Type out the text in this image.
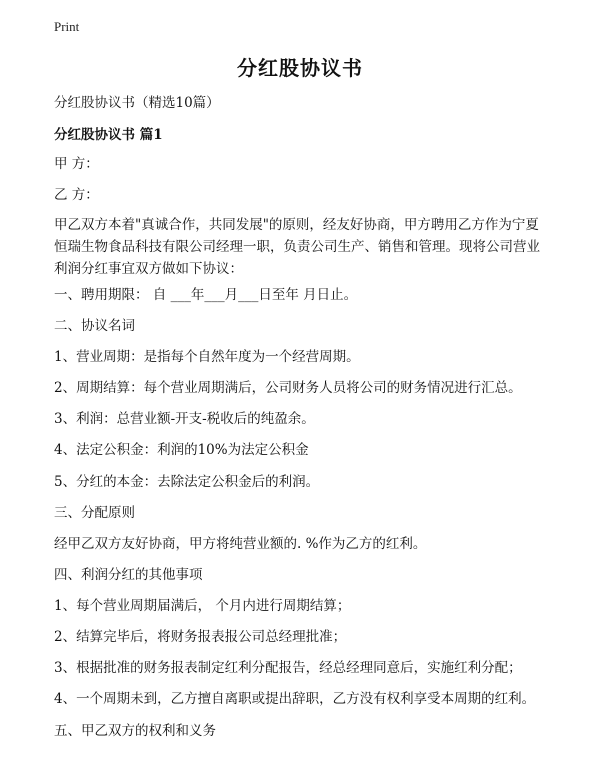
Print
分红股协议书
分红股协议书（精选10篇）
分红股协议书 篇1
甲 方：
乙 方：
甲乙双方本着"真诚合作，共同发展"的原则，经友好协商，甲方聘用乙方作为宁夏
恒瑞生物食品科技有限公司经理一职，负责公司生产、销售和管理。现将公司营业
利润分红事宜双方做如下协议：
一、聘用期限： 自 ___年___月___日至年 月日止。
二、协议名词
1、营业周期：是指每个自然年度为一个经营周期。
2、周期结算：每个营业周期满后，公司财务人员将公司的财务情况进行汇总。
3、利润：总营业额-开支-税收后的纯盈余。
4、法定公积金：利润的10%为法定公积金
5、分红的本金：去除法定公积金后的利润。
三、分配原则
经甲乙双方友好协商，甲方将纯营业额的. %作为乙方的红利。
四、利润分红的其他事项
1、每个营业周期届满后， 个月内进行周期结算；
2、结算完毕后，将财务报表报公司总经理批准；
3、根据批准的财务报表制定红利分配报告，经总经理同意后，实施红利分配；
4、一个周期未到，乙方擅自离职或提出辞职，乙方没有权利享受本周期的红利。
五、甲乙双方的权利和义务
